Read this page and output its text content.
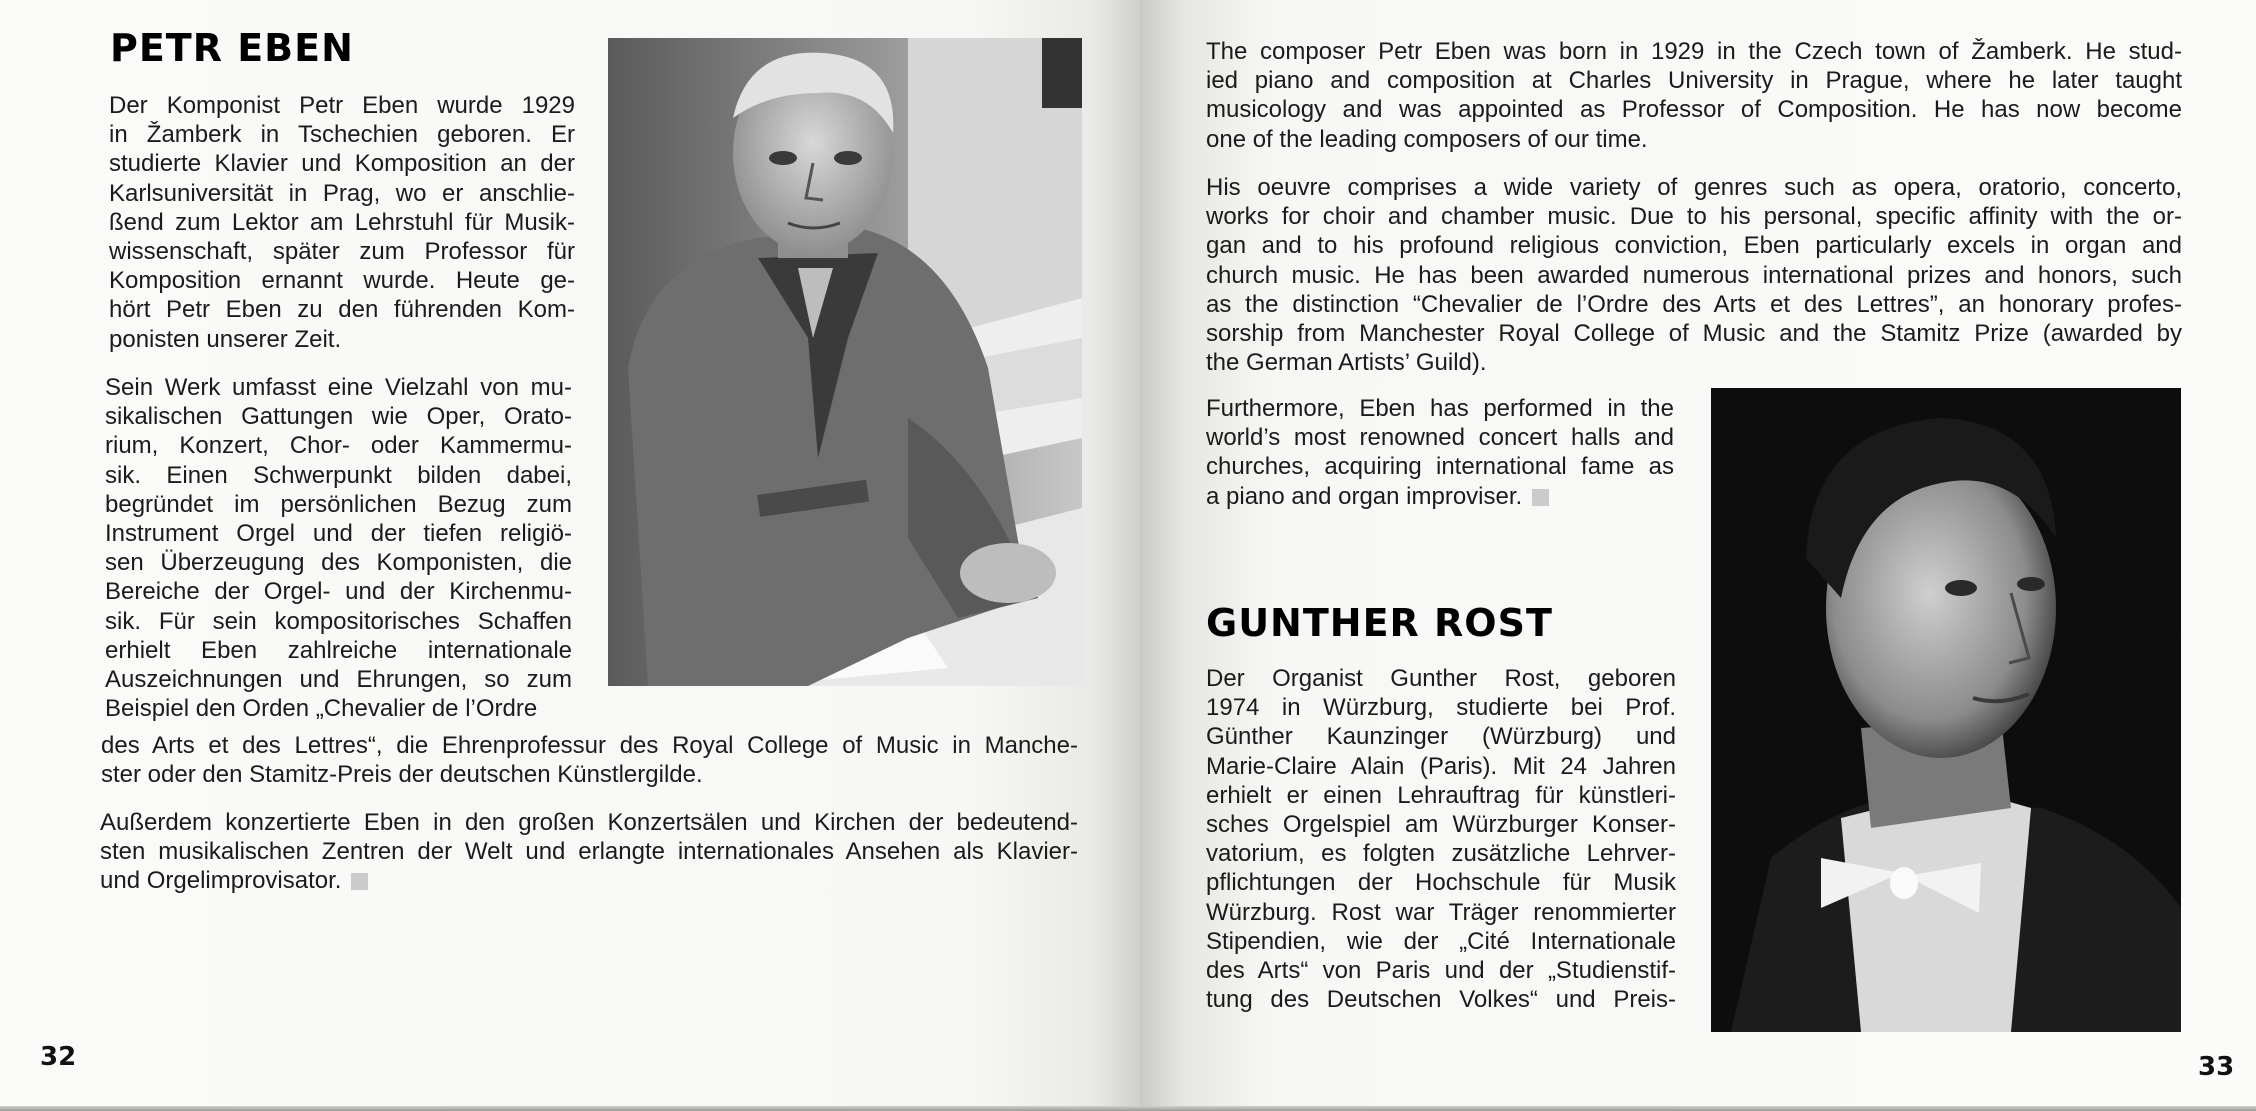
PETR EBEN
Der Komponist Petr Eben wurde 1929
in Žamberk in Tschechien geboren. Er
studierte Klavier und Komposition an der
Karlsuniversität in Prag, wo er anschlie-
ßend zum Lektor am Lehrstuhl für Musik-
wissenschaft, später zum Professor für
Komposition ernannt wurde. Heute ge-
hört Petr Eben zu den führenden Kom-
ponisten unserer Zeit.
Sein Werk umfasst eine Vielzahl von mu-
sikalischen Gattungen wie Oper, Orato-
rium, Konzert, Chor- oder Kammermu-
sik. Einen Schwerpunkt bilden dabei,
begründet im persönlichen Bezug zum
Instrument Orgel und der tiefen religiö-
sen Überzeugung des Komponisten, die
Bereiche der Orgel- und der Kirchenmu-
sik. Für sein kompositorisches Schaffen
erhielt Eben zahlreiche internationale
Auszeichnungen und Ehrungen, so zum
Beispiel den Orden „Chevalier de l’Ordre
des Arts et des Lettres“, die Ehrenprofessur des Royal College of Music in Manche-
ster oder den Stamitz-Preis der deutschen Künstlergilde.
Außerdem konzertierte Eben in den großen Konzertsälen und Kirchen der bedeutend-
sten musikalischen Zentren der Welt und erlangte internationales Ansehen als Klavier-
und Orgelimprovisator.
32
The composer Petr Eben was born in 1929 in the Czech town of Žamberk. He stud-
ied piano and composition at Charles University in Prague, where he later taught
musicology and was appointed as Professor of Composition. He has now become
one of the leading composers of our time.
His oeuvre comprises a wide variety of genres such as opera, oratorio, concerto,
works for choir and chamber music. Due to his personal, specific affinity with the or-
gan and to his profound religious conviction, Eben particularly excels in organ and
church music. He has been awarded numerous international prizes and honors, such
as the distinction “Chevalier de l’Ordre des Arts et des Lettres”, an honorary profes-
sorship from Manchester Royal College of Music and the Stamitz Prize (awarded by
the German Artists’ Guild).
Furthermore, Eben has performed in the
world’s most renowned concert halls and
churches, acquiring international fame as
a piano and organ improviser.
GUNTHER ROST
Der Organist Gunther Rost, geboren
1974 in Würzburg, studierte bei Prof.
Günther Kaunzinger (Würzburg) und
Marie-Claire Alain (Paris). Mit 24 Jahren
erhielt er einen Lehrauftrag für künstleri-
sches Orgelspiel am Würzburger Konser-
vatorium, es folgten zusätzliche Lehrver-
pflichtungen der Hochschule für Musik
Würzburg. Rost war Träger renommierter
Stipendien, wie der „Cité Internationale
des Arts“ von Paris und der „Studienstif-
tung des Deutschen Volkes“ und Preis-
33
